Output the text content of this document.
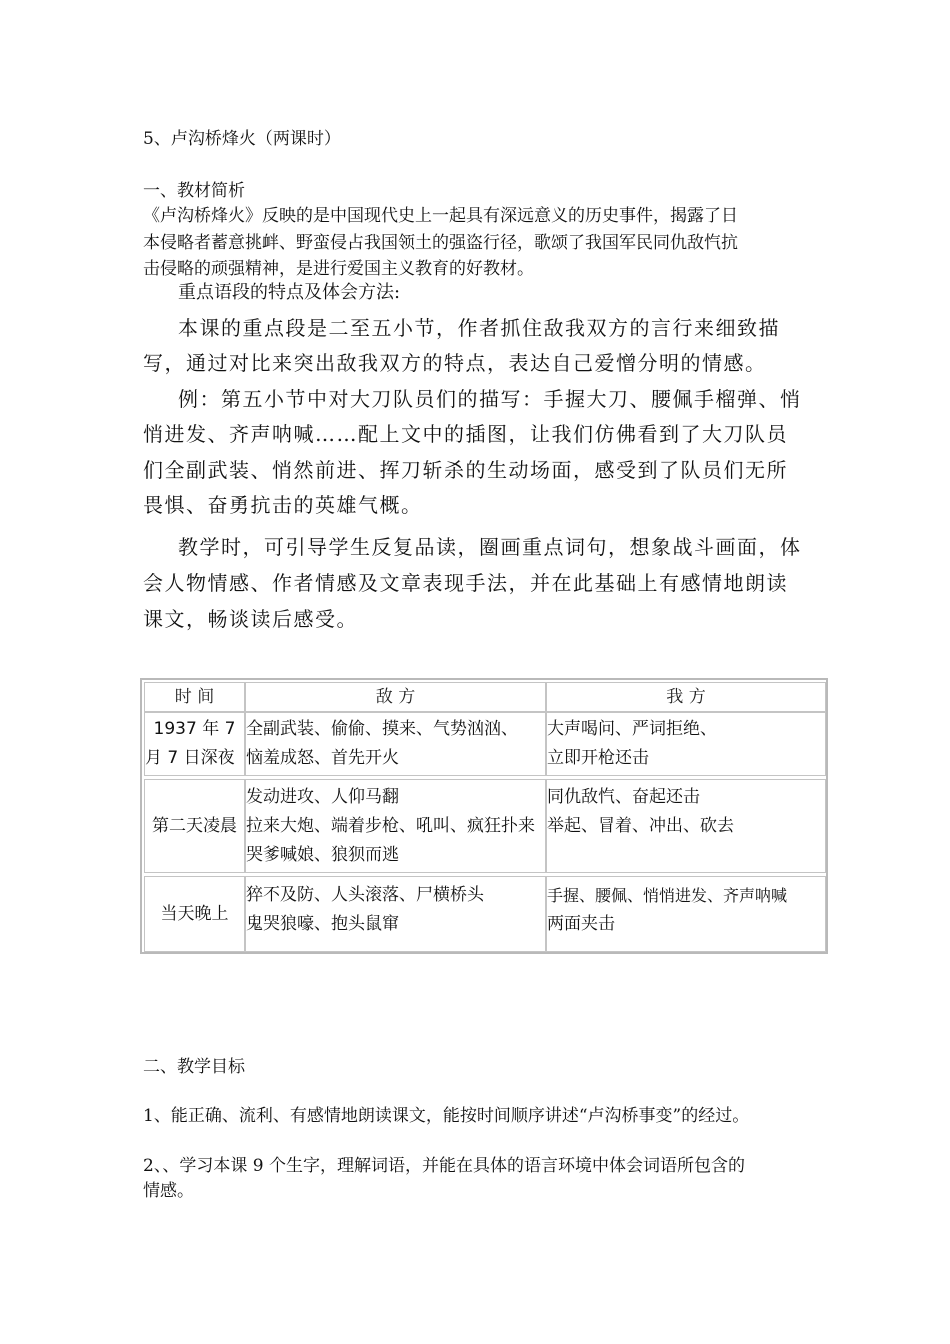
5、卢沟桥烽火（两课时）
一、教材简析
《卢沟桥烽火》反映的是中国现代史上一起具有深远意义的历史事件，揭露了日
本侵略者蓄意挑衅、野蛮侵占我国领土的强盗行径，歌颂了我国军民同仇敌忾抗
击侵略的顽强精神，是进行爱国主义教育的好教材。
重点语段的特点及体会方法:
本课的重点段是二至五小节，作者抓住敌我双方的言行来细致描
写，通过对比来突出敌我双方的特点，表达自己爱憎分明的情感。
例：第五小节中对大刀队员们的描写：手握大刀、腰佩手榴弹、悄
悄进发、齐声呐喊……配上文中的插图，让我们仿佛看到了大刀队员
们全副武装、悄然前进、挥刀斩杀的生动场面，感受到了队员们无所
畏惧、奋勇抗击的英雄气概。
教学时，可引导学生反复品读，圈画重点词句，想象战斗画面，体
会人物情感、作者情感及文章表现手法，并在此基础上有感情地朗读
课文，畅谈读后感受。
时 间	敌 方	我 方
1937 年 7
月 7 日深夜
全副武装、偷偷、摸来、气势汹汹、
恼羞成怒、首先开火
大声喝问、严词拒绝、
立即开枪还击
第二天凌晨
发动进攻、人仰马翻
拉来大炮、端着步枪、吼叫、疯狂扑来
哭爹喊娘、狼狈而逃
同仇敌忾、奋起还击
举起、冒着、冲出、砍去
当天晚上
猝不及防、人头滚落、尸横桥头
鬼哭狼嚎、抱头鼠窜
手握、腰佩、悄悄进发、齐声呐喊
两面夹击
二、教学目标
1、能正确、流利、有感情地朗读课文，能按时间顺序讲述“卢沟桥事变”的经过。
2、、学习本课 9 个生字，理解词语，并能在具体的语言环境中体会词语所包含的
情感。
